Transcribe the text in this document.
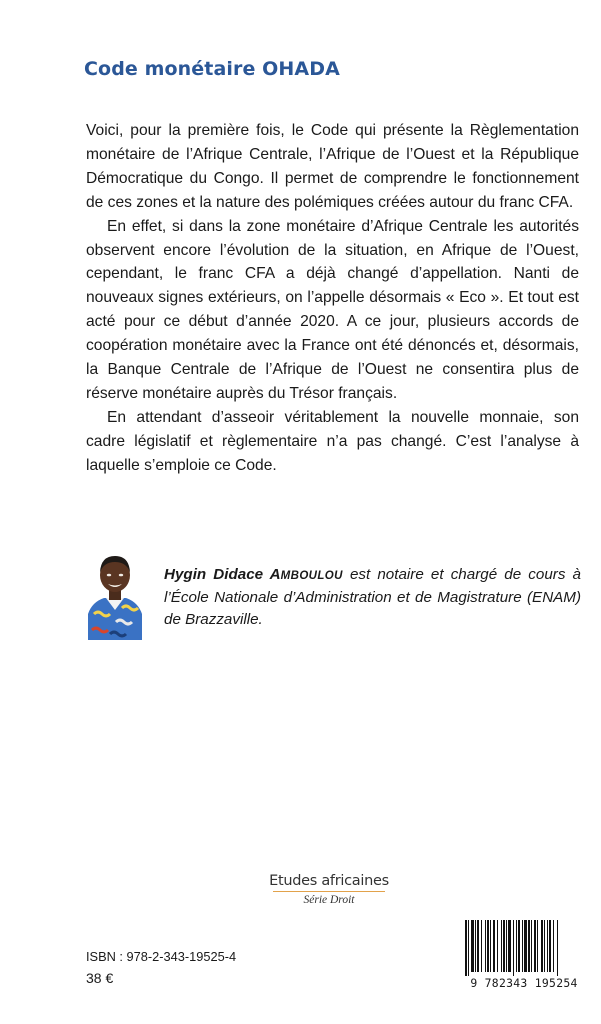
Code monétaire OHADA

Voici, pour la première fois, le Code qui présente la Règlementation monétaire de l’Afrique Centrale, l’Afrique de l’Ouest et la République Démocratique du Congo. Il permet de comprendre le fonctionnement de ces zones et la nature des polémiques créées autour du franc CFA.

En effet, si dans la zone monétaire d’Afrique Centrale les autorités observent encore l’évolution de la situation, en Afrique de l’Ouest, cependant, le franc CFA a déjà changé d’appellation. Nanti de nouveaux signes extérieurs, on l’appelle désormais « Eco ». Et tout est acté pour ce début d’année 2020. A ce jour, plusieurs accords de coopération monétaire avec la France ont été dénoncés et, désormais, la Banque Centrale de l’Afrique de l’Ouest ne consentira plus de réserve monétaire auprès du Trésor français.

En attendant d’asseoir véritablement la nouvelle monnaie, son cadre législatif et règlementaire n’a pas changé. C’est l’analyse à laquelle s’emploie ce Code.

Hygin Didace AMBOULOU est notaire et chargé de cours à l’École Nationale d’Administration et de Magistrature (ENAM) de Brazzaville.
Etudes africaines
Série Droit
ISBN : 978-2-343-19525-4
38 €	9 782343 195254
